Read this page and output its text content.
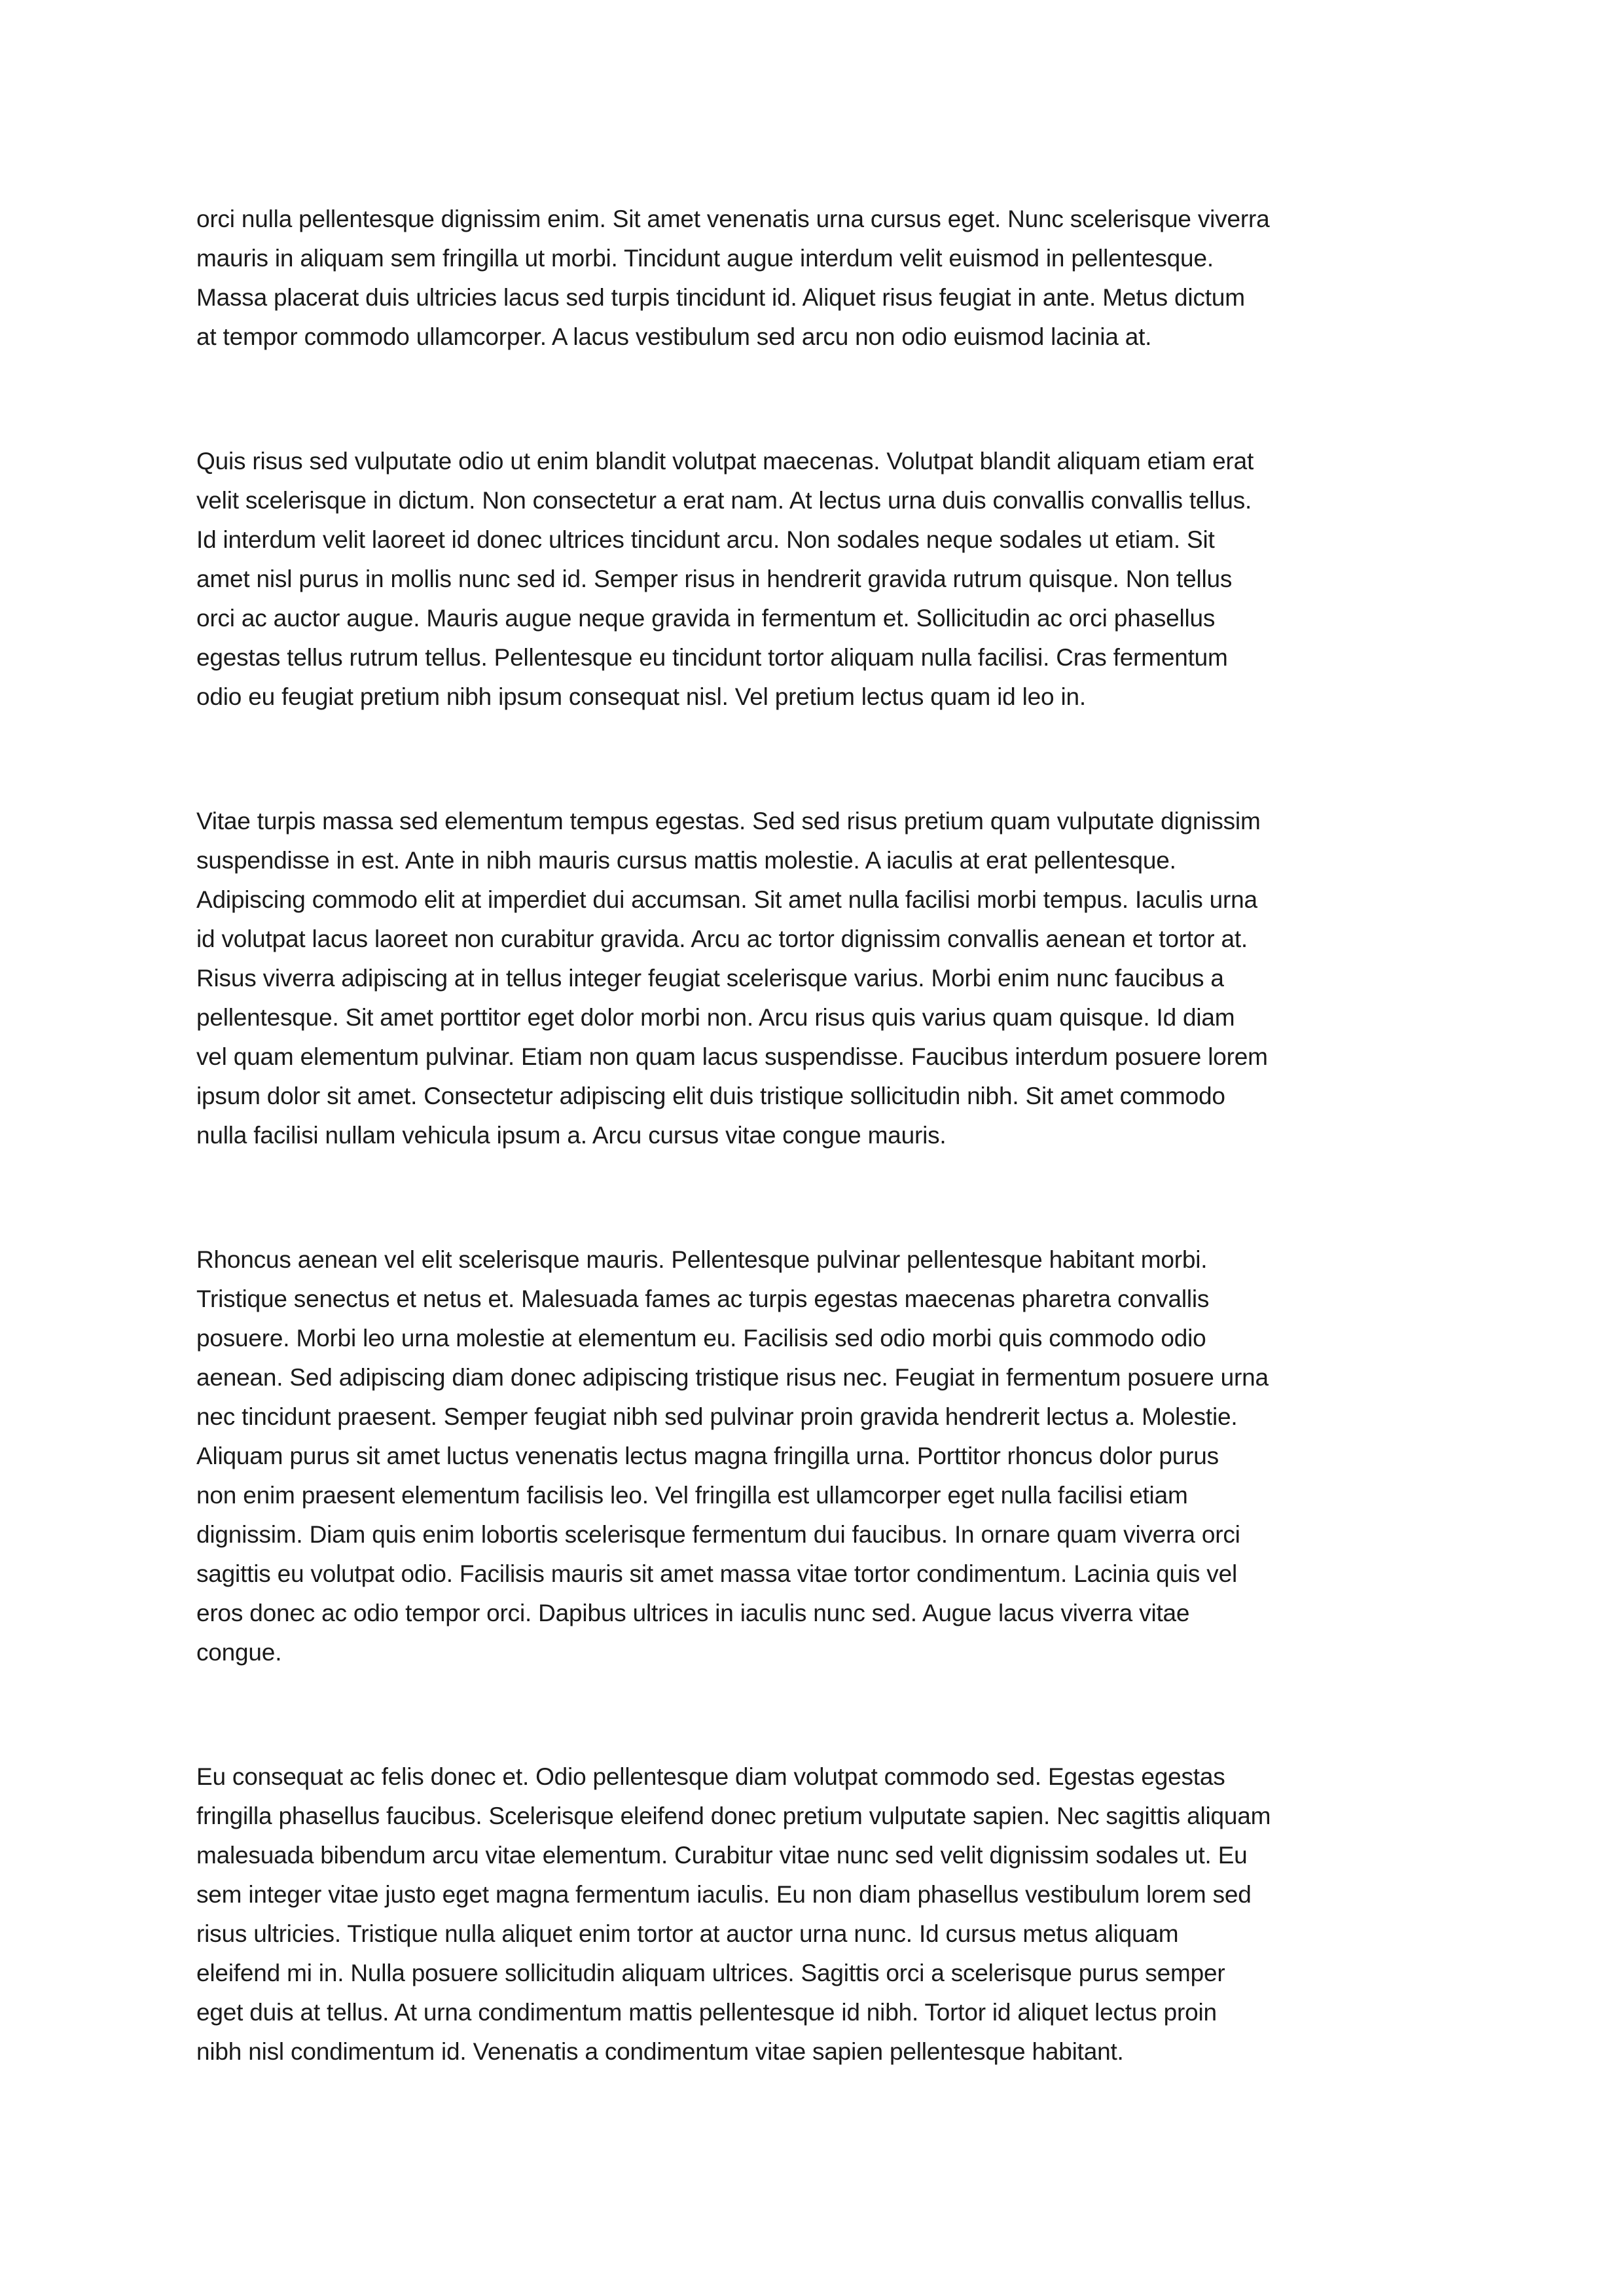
orci nulla pellentesque dignissim enim. Sit amet venenatis urna cursus eget. Nunc scelerisque viverra
mauris in aliquam sem fringilla ut morbi. Tincidunt augue interdum velit euismod in pellentesque.
Massa placerat duis ultricies lacus sed turpis tincidunt id. Aliquet risus feugiat in ante. Metus dictum
at tempor commodo ullamcorper. A lacus vestibulum sed arcu non odio euismod lacinia at.
Quis risus sed vulputate odio ut enim blandit volutpat maecenas. Volutpat blandit aliquam etiam erat
velit scelerisque in dictum. Non consectetur a erat nam. At lectus urna duis convallis convallis tellus.
Id interdum velit laoreet id donec ultrices tincidunt arcu. Non sodales neque sodales ut etiam. Sit
amet nisl purus in mollis nunc sed id. Semper risus in hendrerit gravida rutrum quisque. Non tellus
orci ac auctor augue. Mauris augue neque gravida in fermentum et. Sollicitudin ac orci phasellus
egestas tellus rutrum tellus. Pellentesque eu tincidunt tortor aliquam nulla facilisi. Cras fermentum
odio eu feugiat pretium nibh ipsum consequat nisl. Vel pretium lectus quam id leo in.
Vitae turpis massa sed elementum tempus egestas. Sed sed risus pretium quam vulputate dignissim
suspendisse in est. Ante in nibh mauris cursus mattis molestie. A iaculis at erat pellentesque.
Adipiscing commodo elit at imperdiet dui accumsan. Sit amet nulla facilisi morbi tempus. Iaculis urna
id volutpat lacus laoreet non curabitur gravida. Arcu ac tortor dignissim convallis aenean et tortor at.
Risus viverra adipiscing at in tellus integer feugiat scelerisque varius. Morbi enim nunc faucibus a
pellentesque. Sit amet porttitor eget dolor morbi non. Arcu risus quis varius quam quisque. Id diam
vel quam elementum pulvinar. Etiam non quam lacus suspendisse. Faucibus interdum posuere lorem
ipsum dolor sit amet. Consectetur adipiscing elit duis tristique sollicitudin nibh. Sit amet commodo
nulla facilisi nullam vehicula ipsum a. Arcu cursus vitae congue mauris.
Rhoncus aenean vel elit scelerisque mauris. Pellentesque pulvinar pellentesque habitant morbi.
Tristique senectus et netus et. Malesuada fames ac turpis egestas maecenas pharetra convallis
posuere. Morbi leo urna molestie at elementum eu. Facilisis sed odio morbi quis commodo odio
aenean. Sed adipiscing diam donec adipiscing tristique risus nec. Feugiat in fermentum posuere urna
nec tincidunt praesent. Semper feugiat nibh sed pulvinar proin gravida hendrerit lectus a. Molestie.
Aliquam purus sit amet luctus venenatis lectus magna fringilla urna. Porttitor rhoncus dolor purus
non enim praesent elementum facilisis leo. Vel fringilla est ullamcorper eget nulla facilisi etiam
dignissim. Diam quis enim lobortis scelerisque fermentum dui faucibus. In ornare quam viverra orci
sagittis eu volutpat odio. Facilisis mauris sit amet massa vitae tortor condimentum. Lacinia quis vel
eros donec ac odio tempor orci. Dapibus ultrices in iaculis nunc sed. Augue lacus viverra vitae
congue.
Eu consequat ac felis donec et. Odio pellentesque diam volutpat commodo sed. Egestas egestas
fringilla phasellus faucibus. Scelerisque eleifend donec pretium vulputate sapien. Nec sagittis aliquam
malesuada bibendum arcu vitae elementum. Curabitur vitae nunc sed velit dignissim sodales ut. Eu
sem integer vitae justo eget magna fermentum iaculis. Eu non diam phasellus vestibulum lorem sed
risus ultricies. Tristique nulla aliquet enim tortor at auctor urna nunc. Id cursus metus aliquam
eleifend mi in. Nulla posuere sollicitudin aliquam ultrices. Sagittis orci a scelerisque purus semper
eget duis at tellus. At urna condimentum mattis pellentesque id nibh. Tortor id aliquet lectus proin
nibh nisl condimentum id. Venenatis a condimentum vitae sapien pellentesque habitant.
